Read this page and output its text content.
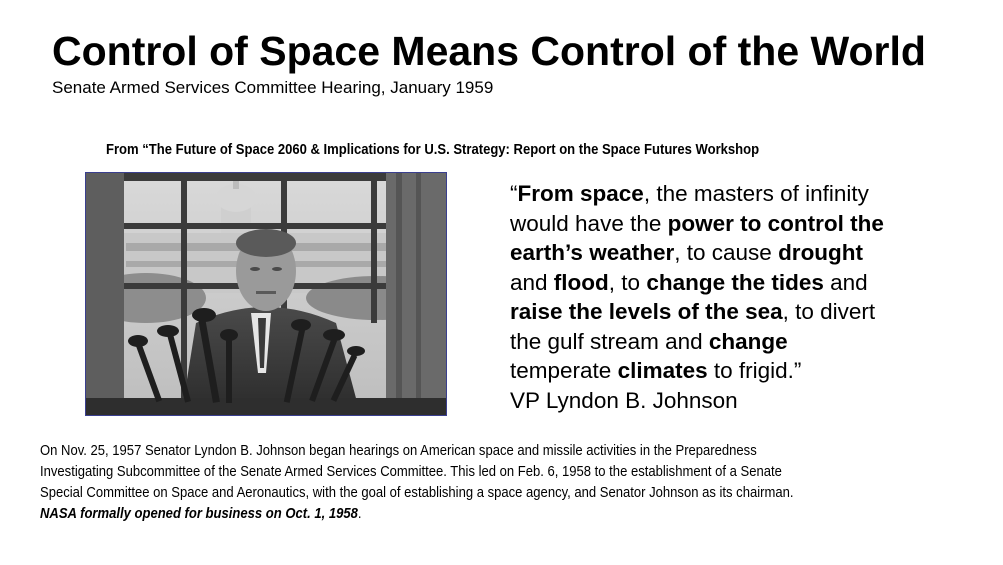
Control of Space Means Control of the World
Senate Armed Services Committee Hearing, January 1959
From “The Future of Space 2060 & Implications for U.S. Strategy: Report on the Space Futures Workshop
“From space, the masters of infinity
would have the power to control the
earth’s weather, to cause drought
and flood, to change the tides and
raise the levels of the sea, to divert
the gulf stream and change
temperate climates to frigid.”
VP Lyndon B. Johnson
On Nov. 25, 1957 Senator Lyndon B. Johnson began hearings on American space and missile activities in the Preparedness
Investigating Subcommittee of the Senate Armed Services Committee. This led on Feb. 6, 1958 to the establishment of a Senate
Special Committee on Space and Aeronautics, with the goal of establishing a space agency, and Senator Johnson as its chairman.
NASA formally opened for business on Oct. 1, 1958.
